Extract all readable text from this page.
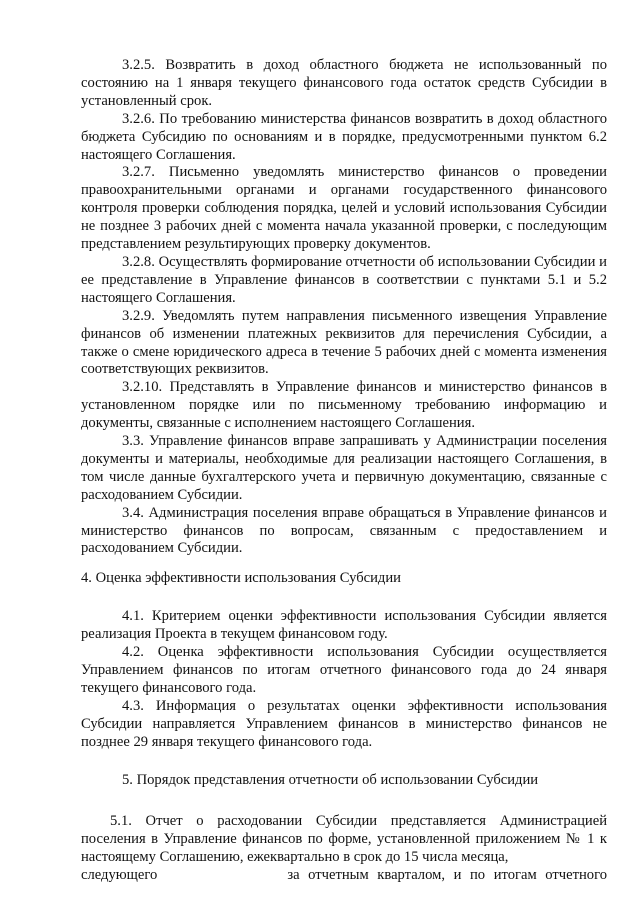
3.2.5. Возвратить в доход областного бюджета не использованный по состоянию на 1 января текущего финансового года остаток средств Субсидии в установленный срок.

3.2.6. По требованию министерства финансов возвратить в доход областного бюджета Субсидию по основаниям и в порядке, предусмотренными пунктом 6.2 настоящего Соглашения.

3.2.7. Письменно уведомлять министерство финансов о проведении правоохранительными органами и органами государственного финансового контроля проверки соблюдения порядка, целей и условий использования Субсидии не позднее 3 рабочих дней с момента начала указанной проверки, с последующим представлением результирующих проверку документов.

3.2.8. Осуществлять формирование отчетности об использовании Субсидии и ее представление в Управление финансов в соответствии с пунктами 5.1 и 5.2 настоящего Соглашения.

3.2.9. Уведомлять путем направления письменного извещения Управление финансов об изменении платежных реквизитов для перечисления Субсидии, а также о смене юридического адреса в течение 5 рабочих дней с момента изменения соответствующих реквизитов.

3.2.10. Представлять в Управление финансов и министерство финансов в установленном порядке или по письменному требованию информацию и документы, связанные с исполнением настоящего Соглашения.

3.3. Управление финансов вправе запрашивать у Администрации поселения документы и материалы, необходимые для реализации настоящего Соглашения, в том числе данные бухгалтерского учета и первичную документацию, связанные с расходованием Субсидии.

3.4. Администрация поселения вправе обращаться в Управление финансов и министерство финансов по вопросам, связанным с предоставлением и расходованием Субсидии.

4. Оценка эффективности использования Субсидии

4.1. Критерием оценки эффективности использования Субсидии является реализация Проекта в текущем финансовом году.

4.2. Оценка эффективности использования Субсидии осуществляется Управлением финансов по итогам отчетного финансового года до 24 января текущего финансового года.

4.3. Информация о результатах оценки эффективности использования Субсидии направляется Управлением финансов в министерство финансов не позднее 29 января текущего финансового года.

5. Порядок представления отчетности об использовании Субсидии

5.1. Отчет о расходовании Субсидии представляется Администрацией поселения в Управление финансов по форме, установленной приложением № 1 к настоящему Соглашению, ежеквартально в срок до 15 числа месяца,

следующего	за отчетным кварталом, и по итогам отчетного
